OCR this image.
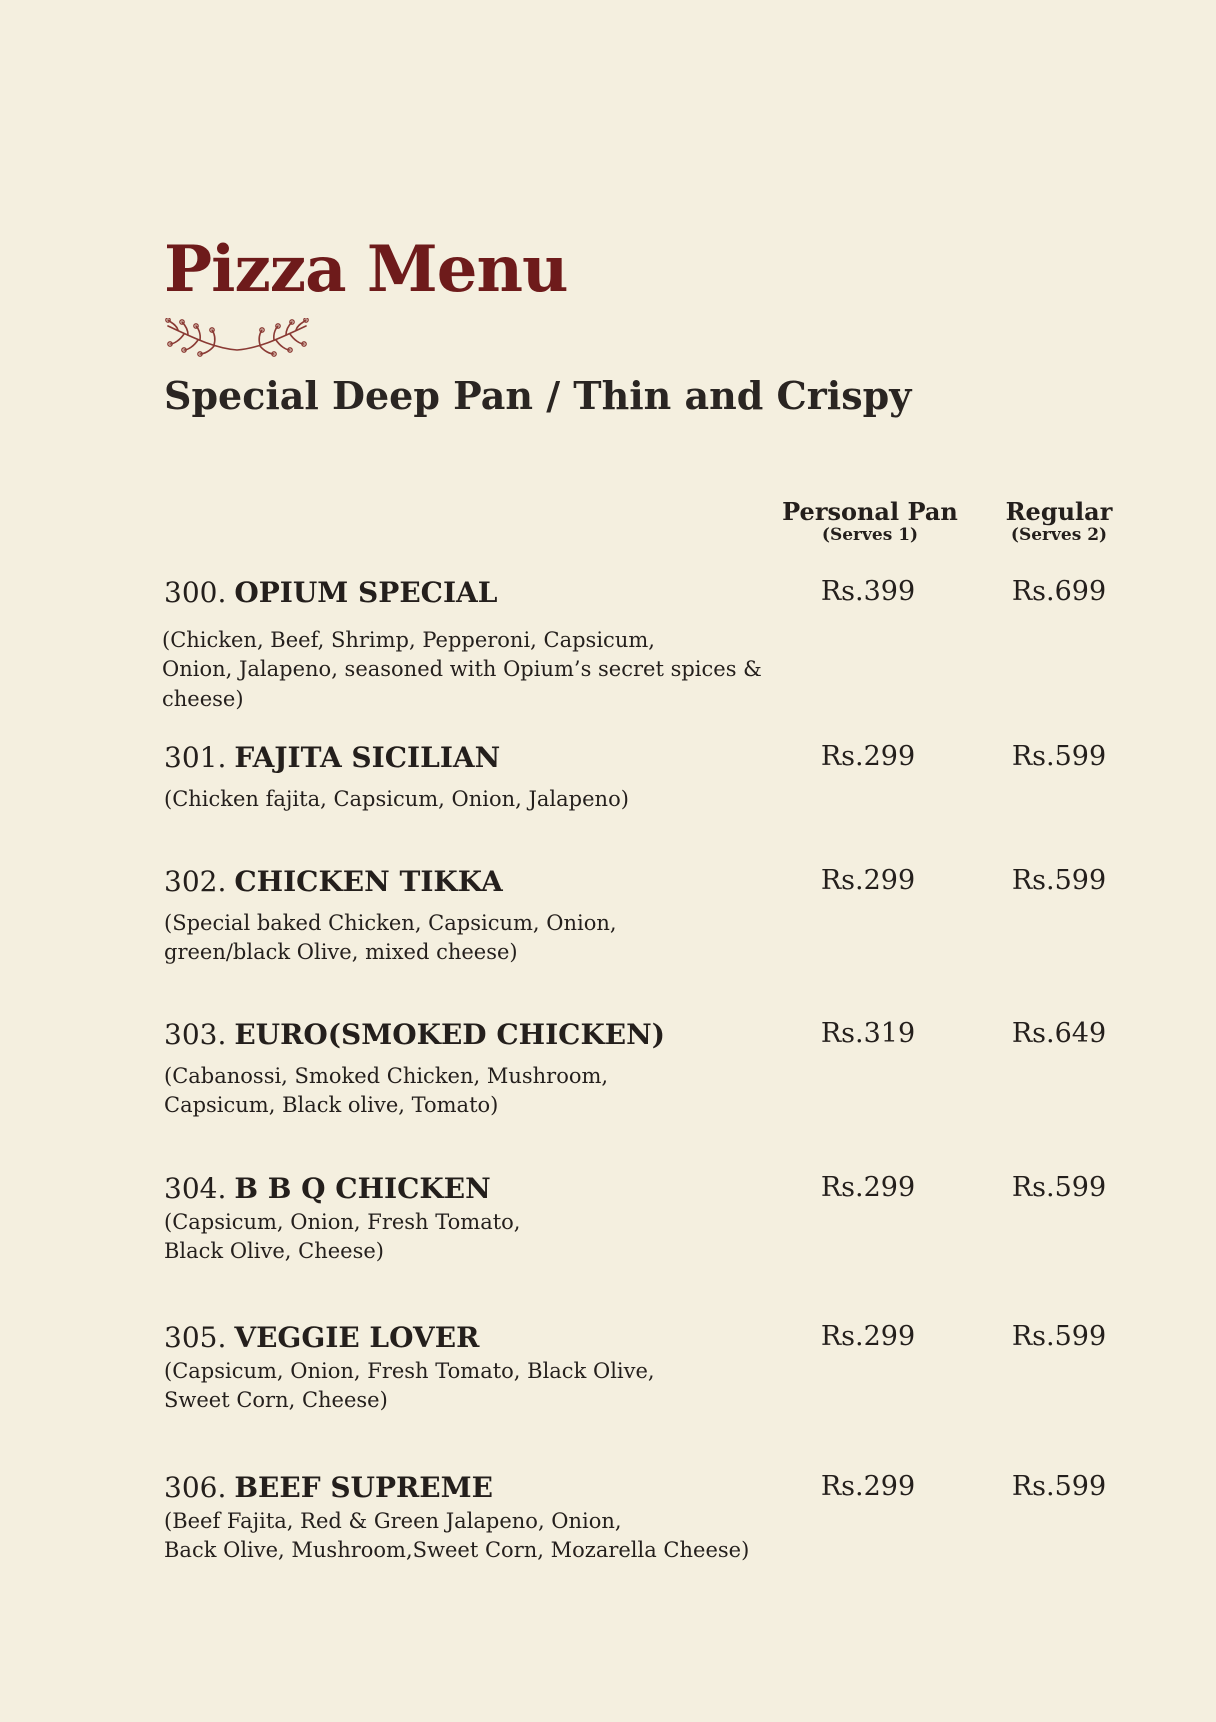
Pizza Menu
Special Deep Pan / Thin and Crispy
Personal Pan
(Serves 1)
Regular
(Serves 2)
300. OPIUM SPECIAL
(Chicken, Beef, Shrimp, Pepperoni, Capsicum,
Onion, Jalapeno, seasoned with Opium’s secret spices & cheese)
Rs.399	Rs.699
301. FAJITA SICILIAN
(Chicken fajita, Capsicum, Onion, Jalapeno)
Rs.299	Rs.599
302. CHICKEN TIKKA
(Special baked Chicken, Capsicum, Onion,
green/black Olive, mixed cheese)
Rs.299	Rs.599
303. EURO(SMOKED CHICKEN)
(Cabanossi, Smoked Chicken, Mushroom,
Capsicum, Black olive, Tomato)
Rs.319	Rs.649
304. B B Q CHICKEN
(Capsicum, Onion, Fresh Tomato,
Black Olive, Cheese)
Rs.299	Rs.599
305. VEGGIE LOVER
(Capsicum, Onion, Fresh Tomato, Black Olive,
Sweet Corn, Cheese)
Rs.299	Rs.599
306. BEEF SUPREME
(Beef Fajita, Red & Green Jalapeno, Onion,
Back Olive, Mushroom,Sweet Corn, Mozarella Cheese)
Rs.299	Rs.599
